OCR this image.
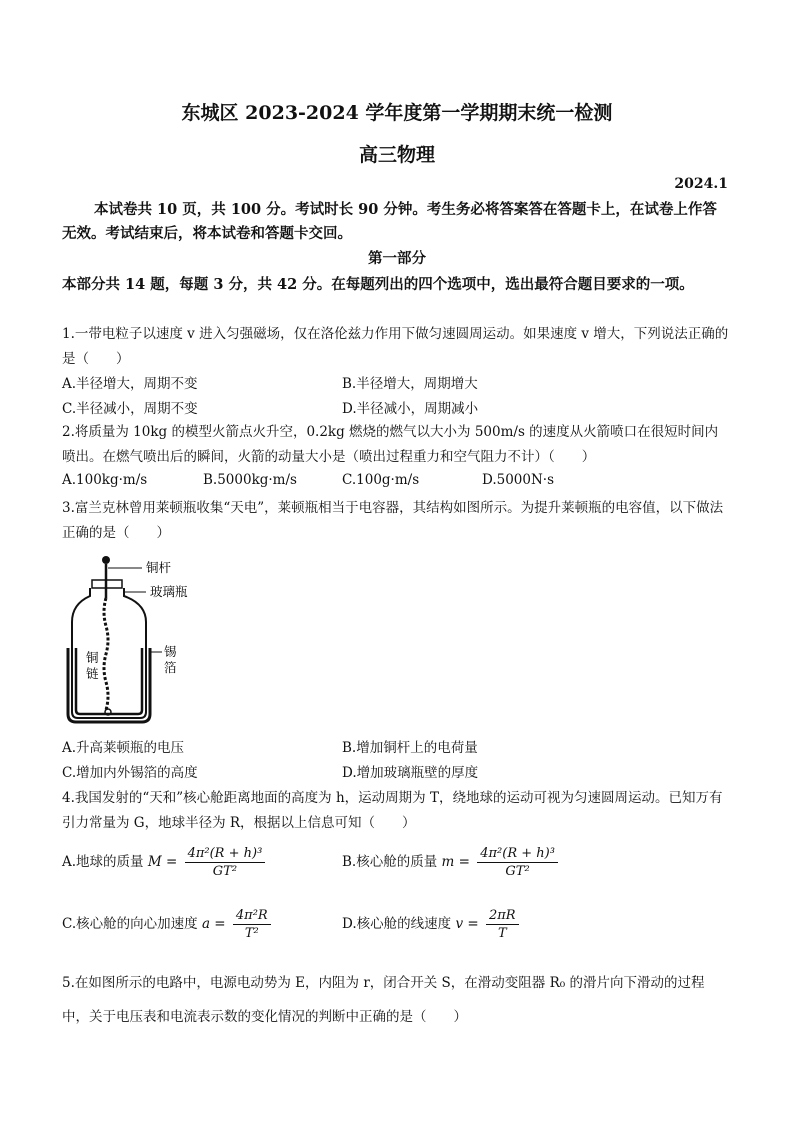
东城区 2023-2024 学年度第一学期期末统一检测
高三物理
2024.1
本试卷共 10 页，共 100 分。考试时长 90 分钟。考生务必将答案答在答题卡上，在试卷上作答无效。考试结束后，将本试卷和答题卡交回。
第一部分
本部分共 14 题，每题 3 分，共 42 分。在每题列出的四个选项中，选出最符合题目要求的一项。
1.一带电粒子以速度 v 进入匀强磁场，仅在洛伦兹力作用下做匀速圆周运动。如果速度 v 增大，下列说法正确的是（　　）
A.半径增大，周期不变	B.半径增大，周期增大
C.半径减小，周期不变	D.半径减小，周期减小
2.将质量为 10kg 的模型火箭点火升空，0.2kg 燃烧的燃气以大小为 500m/s 的速度从火箭喷口在很短时间内喷出。在燃气喷出后的瞬间，火箭的动量大小是（喷出过程重力和空气阻力不计）（　　）
A.100kg·m/s	B.5000kg·m/s	C.100g·m/s	D.5000N·s
3.富兰克林曾用莱顿瓶收集“天电”，莱顿瓶相当于电容器，其结构如图所示。为提升莱顿瓶的电容值，以下做法正确的是（　　）
铜杆
玻璃瓶
锡
箔
铜
链
A.升高莱顿瓶的电压	B.增加铜杆上的电荷量
C.增加内外锡箔的高度	D.增加玻璃瓶壁的厚度
4.我国发射的“天和”核心舱距离地面的高度为 h，运动周期为 T，绕地球的运动可视为匀速圆周运动。已知万有引力常量为 G，地球半径为 R，根据以上信息可知（　　）
A.地球的质量 $M = \frac{\text{4π²(R + h)³}}{\text{GT²}}$	B.核心舱的质量 $m = \frac{\text{4π²(R + h)³}}{\text{GT²}}$
C.核心舱的向心加速度 $a = \frac{\text{4π²R}}{\text{T²}}$	D.核心舱的线速度 $v = \frac{2\pi R}{T}$
5.在如图所示的电路中，电源电动势为 E，内阻为 r，闭合开关 S，在滑动变阻器 R₀ 的滑片向下滑动的过程中，关于电压表和电流表示数的变化情况的判断中正确的是（　　）
